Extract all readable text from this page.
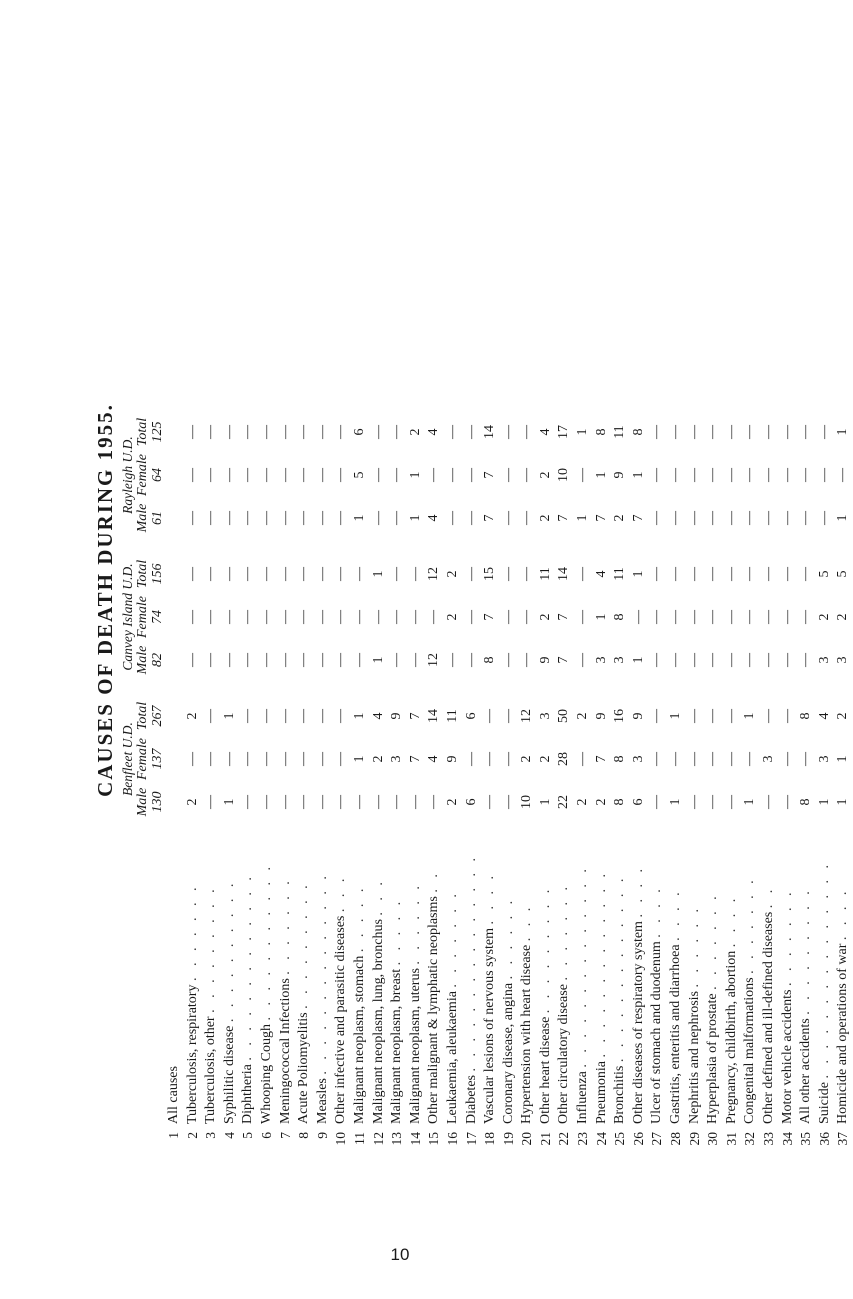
CAUSES OF DEATH DURING 1955.
		Benfleet U.D.				Canvey Island U.D.				Rayleigh U.D.		
		Male	Female	Total		Male	Female	Total		Male	Female	Total
		130	137	267		82	74	156		61	64	125
1	All causes											
2	Tuberculosis, respiratory . . . . . . .	2	—	2		—	—	—		—	—	—
3	Tuberculosis, other . . . . . . . . .	—	—	—		—	—	—		—	—	—
4	Syphilitic disease . . . . . . . . . .	1	—	1		—	—	—		—	—	—
5	Diphtheria . . . . . . . . . . . . .	—	—	—		—	—	—		—	—	—
6	Whooping Cough . . . . . . . . . . .	—	—	—		—	—	—		—	—	—
7	Meningococcal Infections . . . . . . .	—	—	—		—	—	—		—	—	—
8	Acute Poliomyelitis . . . . . . . . .	—	—	—		—	—	—		—	—	—
9	Measles . . . . . . . . . . . . . .	—	—	—		—	—	—		—	—	—
10	Other infective and parasitic diseases . . .	—	—	—		—	—	—		—	—	—
11	Malignant neoplasm, stomach . . . . .	—	1	1		—	—	—		1	5	6
12	Malignant neoplasm, lung, bronchus . . .	—	2	4		1	—	1		—	—	—
13	Malignant neoplasm, breast . . . . .	—	3	9		—	—	—		—	—	—
14	Malignant neoplasm, uterus . . . . . .	—	7	7		—	—	—		1	1	2
15	Other malignant & lymphatic neoplasms . .	—	4	14		12	—	12		4	—	4
16	Leukaemia, aleukaemia . . . . . . .	2	9	11		—	2	2		—	—	—
17	Diabetes . . . . . . . . . . . . . . .	6	—	6		—	—	—		—	—	—
18	Vascular lesions of nervous system . . . .	—	—	—		8	7	15		7	7	14
19	Coronary disease, angina . . . . . .	—	—	—		—	—	—		—	—	—
20	Hypertension with heart disease . . .	10	2	12		—	—	—		—	—	—
21	Other heart disease . . . . . . . . .	1	2	3		9	2	11		2	2	4
22	Other circulatory disease . . . . . . .	22	28	50		7	7	14		7	10	17
23	Influenza . . . . . . . . . . . . . .	2	—	2		—	—	—		1	—	1
24	Pneumonia . . . . . . . . . . . . .	2	7	9		3	1	4		7	1	8
25	Bronchitis . . . . . . . . . . . . .	8	8	16		3	8	11		2	9	11
26	Other diseases of respiratory system . . . .	6	3	9		1	—	1		7	1	8
27	Ulcer of stomach and duodenum . . . .	—	—	—		—	—	—		—	—	—
28	Gastritis, enteritis and diarrhoea . . . .	1	—	1		—	—	—		—	—	—
29	Nephritis and nephrosis . . . . . .	—	—	—		—	—	—		—	—	—
30	Hyperplasia of prostate . . . . . . .	—	—	—		—	—	—		—	—	—
31	Pregnancy, childbirth, abortion . . . .	—	—	—		—	—	—		—	—	—
32	Congenital malformations . . . . . . .	1	—	1		—	—	—		—	—	—
33	Other defined and ill-defined diseases . .	—	3	—		—	—	—		—	—	—
34	Motor vehicle accidents . . . . . . .	—	—	—		—	—	—		—	—	—
35	All other accidents . . . . . . . . .	8	—	8		—	—	—		—	—	—
36	Suicide . . . . . . . . . . . . . . .	1	3	4		3	2	5		—	—	—
37	Homicide and operations of war . . . .	1	1	2		3	2	5		1	—	1
10
